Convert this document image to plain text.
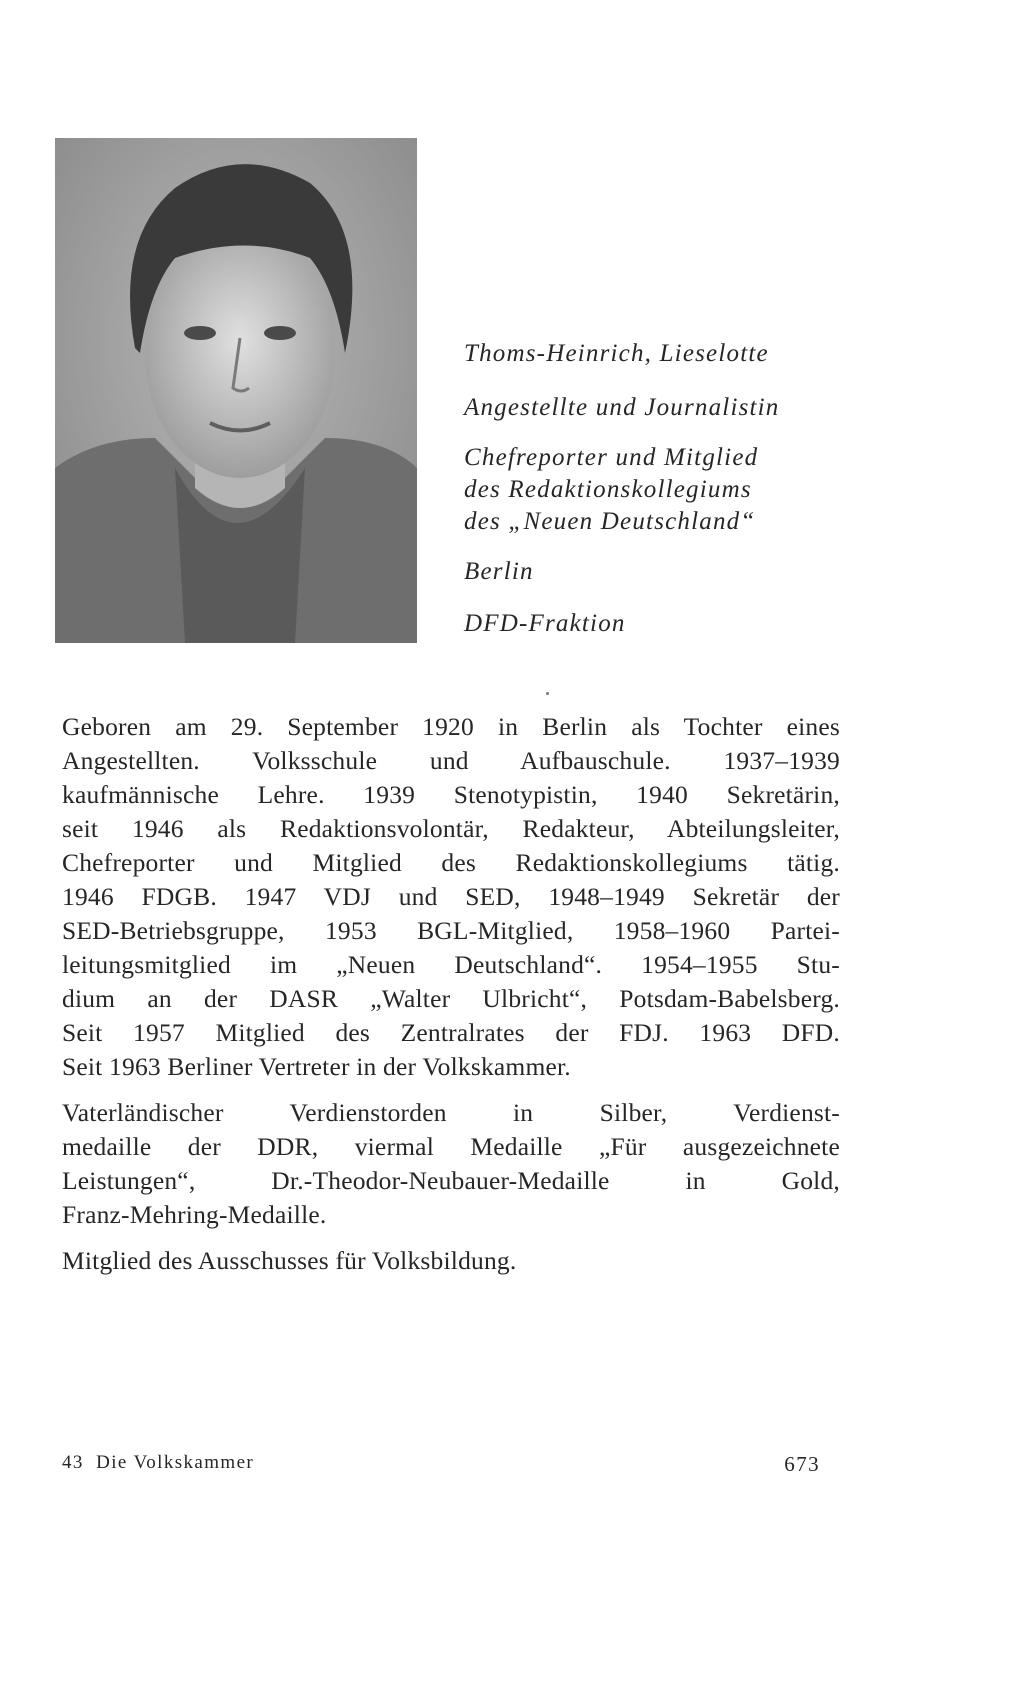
Thoms-Heinrich, Lieselotte

Angestellte und Journalistin

Chefreporter und Mitglied
des Redaktionskollegiums
des „Neuen Deutschland“

Berlin

DFD-Fraktion

Geboren am 29. September 1920 in Berlin als Tochter eines
Angestellten. Volksschule und Aufbauschule. 1937–1939
kaufmännische Lehre. 1939 Stenotypistin, 1940 Sekretärin,
seit 1946 als Redaktionsvolontär, Redakteur, Abteilungsleiter,
Chefreporter und Mitglied des Redaktionskollegiums tätig.
1946 FDGB. 1947 VDJ und SED, 1948–1949 Sekretär der
SED-Betriebsgruppe, 1953 BGL-Mitglied, 1958–1960 Partei-
leitungsmitglied im „Neuen Deutschland“. 1954–1955 Stu-
dium an der DASR „Walter Ulbricht“, Potsdam-Babelsberg.
Seit 1957 Mitglied des Zentralrates der FDJ. 1963 DFD.
Seit 1963 Berliner Vertreter in der Volkskammer.

Vaterländischer Verdienstorden in Silber, Verdienst-
medaille der DDR, viermal Medaille „Für ausgezeichnete
Leistungen“, Dr.-Theodor-Neubauer-Medaille in Gold,
Franz-Mehring-Medaille.

Mitglied des Ausschusses für Volksbildung.

43 Die Volkskammer	673
